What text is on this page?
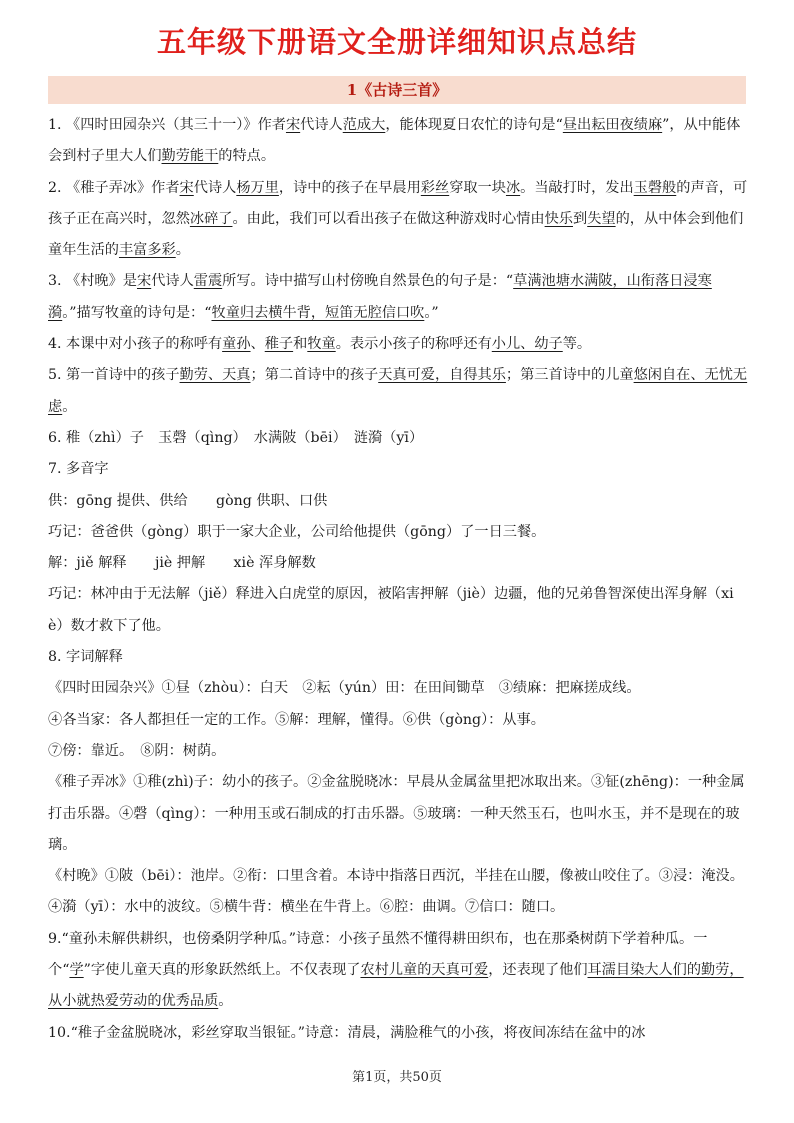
五年级下册语文全册详细知识点总结
1《古诗三首》

1. 《四时田园杂兴（其三十一）》作者宋代诗人范成大，能体现夏日农忙的诗句是“昼出耘田夜绩麻”，从中能体会到村子里大人们勤劳能干的特点。

2. 《稚子弄冰》作者宋代诗人杨万里，诗中的孩子在早晨用彩丝穿取一块冰。当敲打时，发出玉磬般的声音，可孩子正在高兴时，忽然冰碎了。由此，我们可以看出孩子在做这种游戏时心情由快乐到失望的，从中体会到他们童年生活的丰富多彩。

3. 《村晚》是宋代诗人雷震所写。诗中描写山村傍晚自然景色的句子是：“草满池塘水满陂，山衔落日浸寒漪。”描写牧童的诗句是：“牧童归去横牛背，短笛无腔信口吹。”

4. 本课中对小孩子的称呼有童孙、稚子和牧童。表示小孩子的称呼还有小儿、幼子等。

5. 第一首诗中的孩子勤劳、天真；第二首诗中的孩子天真可爱，自得其乐；第三首诗中的儿童悠闲自在、无忧无虑。

6. 稚（zhì）子　玉磬（qìng）　水满陂（bēi）　涟漪（yī）

7. 多音字

供：gōng 提供、供给　　gòng 供职、口供

巧记：爸爸供（gòng）职于一家大企业，公司给他提供（gōng）了一日三餐。

解：jiě 解释　　jiè 押解　　xiè 浑身解数

巧记：林冲由于无法解（jiě）释进入白虎堂的原因，被陷害押解（jiè）边疆，他的兄弟鲁智深使出浑身解（xiè）数才救下了他。

8. 字词解释

《四时田园杂兴》①昼（zhòu）：白天　②耘（yún）田：在田间锄草　③绩麻：把麻搓成线。

④各当家：各人都担任一定的工作。⑤解：理解，懂得。⑥供（gòng）：从事。

⑦傍：靠近。　⑧阴：树荫。

《稚子弄冰》①稚(zhì)子：幼小的孩子。②金盆脱晓冰：早晨从金属盆里把冰取出来。③钲(zhēng)：一种金属打击乐器。④磬（qìng）：一种用玉或石制成的打击乐器。⑤玻璃：一种天然玉石，也叫水玉，并不是现在的玻璃。

《村晚》①陂（bēi）：池岸。②衔：口里含着。本诗中指落日西沉，半挂在山腰，像被山咬住了。③浸：淹没。④漪（yī）：水中的波纹。⑤横牛背：横坐在牛背上。⑥腔：曲调。⑦信口：随口。

9.“童孙未解供耕织，也傍桑阴学种瓜。”诗意：小孩子虽然不懂得耕田织布，也在那桑树荫下学着种瓜。一个“学”字使儿童天真的形象跃然纸上。不仅表现了农村儿童的天真可爱，还表现了他们耳濡目染大人们的勤劳，从小就热爱劳动的优秀品质。

10.“稚子金盆脱晓冰，彩丝穿取当银钲。”诗意：清晨，满脸稚气的小孩，将夜间冻结在盆中的冰

第1页，共50页
